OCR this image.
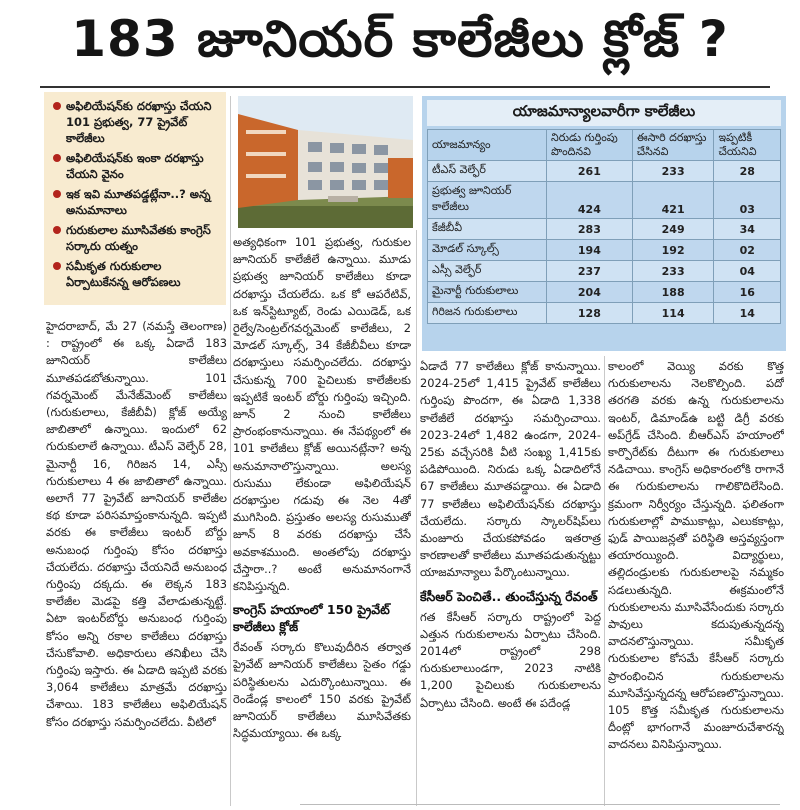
183 జూనియర్ కాలేజీలు క్లోజ్ ?
అఫిలియేషన్‌కు దరఖాస్తు చేయని 101 ప్రభుత్వ, 77 ప్రైవేట్ కాలేజీలు
అఫిలియేషన్‌కు ఇంకా దరఖాస్తు చేయని వైనం
ఇక ఇవి మూతపడ్డట్లేనా..? అన్న అనుమానాలు
గురుకులాల మూసివేతకు కాంగ్రెస్ సర్కారు యత్నం
సమీకృత గురుకులాల ఏర్పాటుకేనన్న ఆరోపణలు

హైదరాబాద్, మే 27 (నమస్తే తెలంగాణ) : రాష్ట్రంలో ఈ ఒక్క ఏడాదే 183 జూనియర్ కాలేజీలు మూతపడబోతున్నాయి. 101 గవర్నమెంట్ మేనేజ్‌మెంట్ కాలేజీలు (గురుకులాలు, కేజీబీవీ) క్లోజ్ అయ్యే జాబితాలో ఉన్నాయి. ఇందులో 62 గురుకులాలే ఉన్నాయి. టీఎస్ వెల్ఫేర్ 28, మైనార్టీ 16, గిరిజన 14, ఎస్సీ గురుకులాలు 4 ఈ జాబితాలో ఉన్నాయి. అలాగే 77 ప్రైవేట్ జూనియర్ కాలేజీల కథ కూడా పరిసమాప్తంకానున్నది. ఇప్పటి వరకు ఈ కాలేజీలు ఇంటర్ బోర్డు అనుబంధ గుర్తింపు కోసం దరఖాస్తు చేయలేదు. దరఖాస్తు చేయనిదే అనుబంధ గుర్తింపు దక్కదు. ఈ లెక్కన 183 కాలేజీల మెడపై కత్తి వేలాడుతున్నట్టే. ఏటా ఇంటర్‌బోర్డు అనుబంధ గుర్తింపు కోసం అన్ని రకాల కాలేజీలు దరఖాస్తు చేసుకోవాలి. అధికారులు తనిఖీలు చేసి గుర్తింపు ఇస్తారు. ఈ ఏడాది ఇప్పటి వరకు 3,064 కాలేజీలు మాత్రమే దరఖాస్తు చేశాయి. 183 కాలేజీలు అఫిలియేషన్ కోసం దరఖాస్తు సమర్పించలేదు. వీటిలో

అత్యధికంగా 101 ప్రభుత్వ, గురుకుల జూనియర్ కాలేజీలే ఉన్నాయి. మూడు ప్రభుత్వ జూనియర్ కాలేజీలు కూడా దరఖాస్తు చేయలేదు. ఒక కో ఆపరేటివ్, ఒక ఇన్‌స్టిట్యూట్, రెండు ఎయిడెడ్, ఒక రైల్వే/సెంట్రల్‌గవర్నమెంట్ కాలేజీలు, 2 మోడల్ స్కూల్స్, 34 కేజీబీవీలు కూడా దరఖాస్తులు సమర్పించలేదు. దరఖాస్తు చేసుకున్న 700 పైచిలుకు కాలేజీలకు ఇప్పటికే ఇంటర్ బోర్డు గుర్తింపు ఇచ్చింది. జూన్ 2 నుంచి కాలేజీలు ప్రారంభంకానున్నాయి. ఈ నేపథ్యంలో ఈ 101 కాలేజీలు క్లోజ్ అయినట్లేనా? అన్న అనుమానాలొస్తున్నాయి. అలస్య రుసుము లేకుండా అఫిలియేషన్ దరఖాస్తుల గడువు ఈ నెల 4తో ముగిసింది. ప్రస్తుతం అలస్య రుసుముతో జూన్ 8 వరకు దరఖాస్తు చేసే అవకాశముంది. అంతలోపు దరఖాస్తు చేస్తారా..? అంటే అనుమానంగానే కనిపిస్తున్నది.

కాంగ్రెస్ హయాంలో 150 ప్రైవేట్ కాలేజీలు క్లోజ్

రేవంత్ సర్కారు కొలువుదీరిన తర్వాత ప్రైవేట్ జూనియర్ కాలేజీలు సైతం గడ్డు పరిస్థితులను ఎదుర్కొంటున్నాయి. ఈ రెండేండ్ల కాలంలో 150 వరకు ప్రైవేట్ జూనియర్ కాలేజీలు మూసివేతకు సిద్ధమయ్యాయి. ఈ ఒక్క

యాజమాన్యాలవారీగా కాలేజీలు
యాజమాన్యం	నిరుడు గుర్తింపు పొందినవి	ఈసారి దరఖాస్తు చేసినవి	ఇప్పటికీ చేయనివి
టీఎస్ వెల్ఫేర్	261	233	28
ప్రభుత్వ జూనియర్ కాలేజీలు	424	421	03
కేజీబీవీ	283	249	34
మోడల్ స్కూల్స్	194	192	02
ఎస్సీ వెల్ఫేర్	237	233	04
మైనార్టీ గురుకులాలు	204	188	16
గిరిజన గురుకులాలు	128	114	14

ఏడాదే 77 కాలేజీలు క్లోజ్ కానున్నాయి. 2024-25లో 1,415 ప్రైవేట్ కాలేజీలు గుర్తింపు పొందగా, ఈ ఏడాది 1,338 కాలేజీలే దరఖాస్తు సమర్పించాయి. 2023-24లో 1,482 ఉండగా, 2024-25కు వచ్చేసరికి వీటి సంఖ్య 1,415కు పడిపోయింది. నిరుడు ఒక్క ఏడాదిలోనే 67 కాలేజీలు మూతపడ్డాయి. ఈ ఏడాది 77 కాలేజీలు అఫిలియేషన్‌కు దరఖాస్తు చేయలేదు. సర్కారు స్కాలర్‌షిప్‌లు మంజూరు చేయకపోవడం ఇతరాత్ర కారణాలతో కాలేజీలు మూతపడుతున్నట్టు యాజమాన్యాలు పేర్కొంటున్నాయి.

కేసీఆర్ పెంచితే.. తుంచేస్తున్న రేవంత్

గత కేసీఆర్ సర్కారు రాష్ట్రంలో పెద్ద ఎత్తున గురుకులాలను ఏర్పాటు చేసింది. 2014లో రాష్ట్రంలో 298 గురుకులాలుండగా, 2023 నాటికి 1,200 పైచిలుకు గురుకులాలను ఏర్పాటు చేసింది. అంటే ఈ పదేండ్ల

కాలంలో వెయ్యి వరకు కొత్త గురుకులాలను నెలకొల్పింది. పదో తరగతి వరకు ఉన్న గురుకులాలను ఇంటర్, డిమాండ్‌ఉ బట్టి డిగ్రీ వరకు అప్‌గ్రేడ్ చేసింది. బీఆర్ఎస్ హయాంలో కార్పొరేట్‌కు దీటుగా ఈ గురుకులాలు నడిచాయి. కాంగ్రెస్ అధికారంలోకి రాగానే ఈ గురుకులాలను గాలికొదిలేసింది. క్రమంగా నిర్వీర్యం చేస్తున్నది. ఫలితంగా గురుకులాల్లో పాముకాట్లు, ఎలుకకాట్లు, ఫుడ్ పాయిజన్లతో పరిస్థితి అస్తవ్యస్తంగా తయారయ్యింది. విద్యార్థులు, తల్లిదండ్రులకు గురుకులాలపై నమ్మకం సడలుతున్నది. ఈక్రమంలోనే గురుకులాలను మూసివేసేందుకు సర్కారు పావులు కదుపుతున్నదన్న వాదనలొస్తున్నాయి. సమీకృత గురుకులాల కోసమే కేసీఆర్ సర్కారు ప్రారంభించిన గురుకులాలను మూసివేస్తున్నదన్న ఆరోపణలొస్తున్నాయి. 105 కొత్త సమీకృత గురుకులాలను దీంట్లో భాగంగానే మంజూరుచేశారన్న వాదనలు వినిపిస్తున్నాయి.
